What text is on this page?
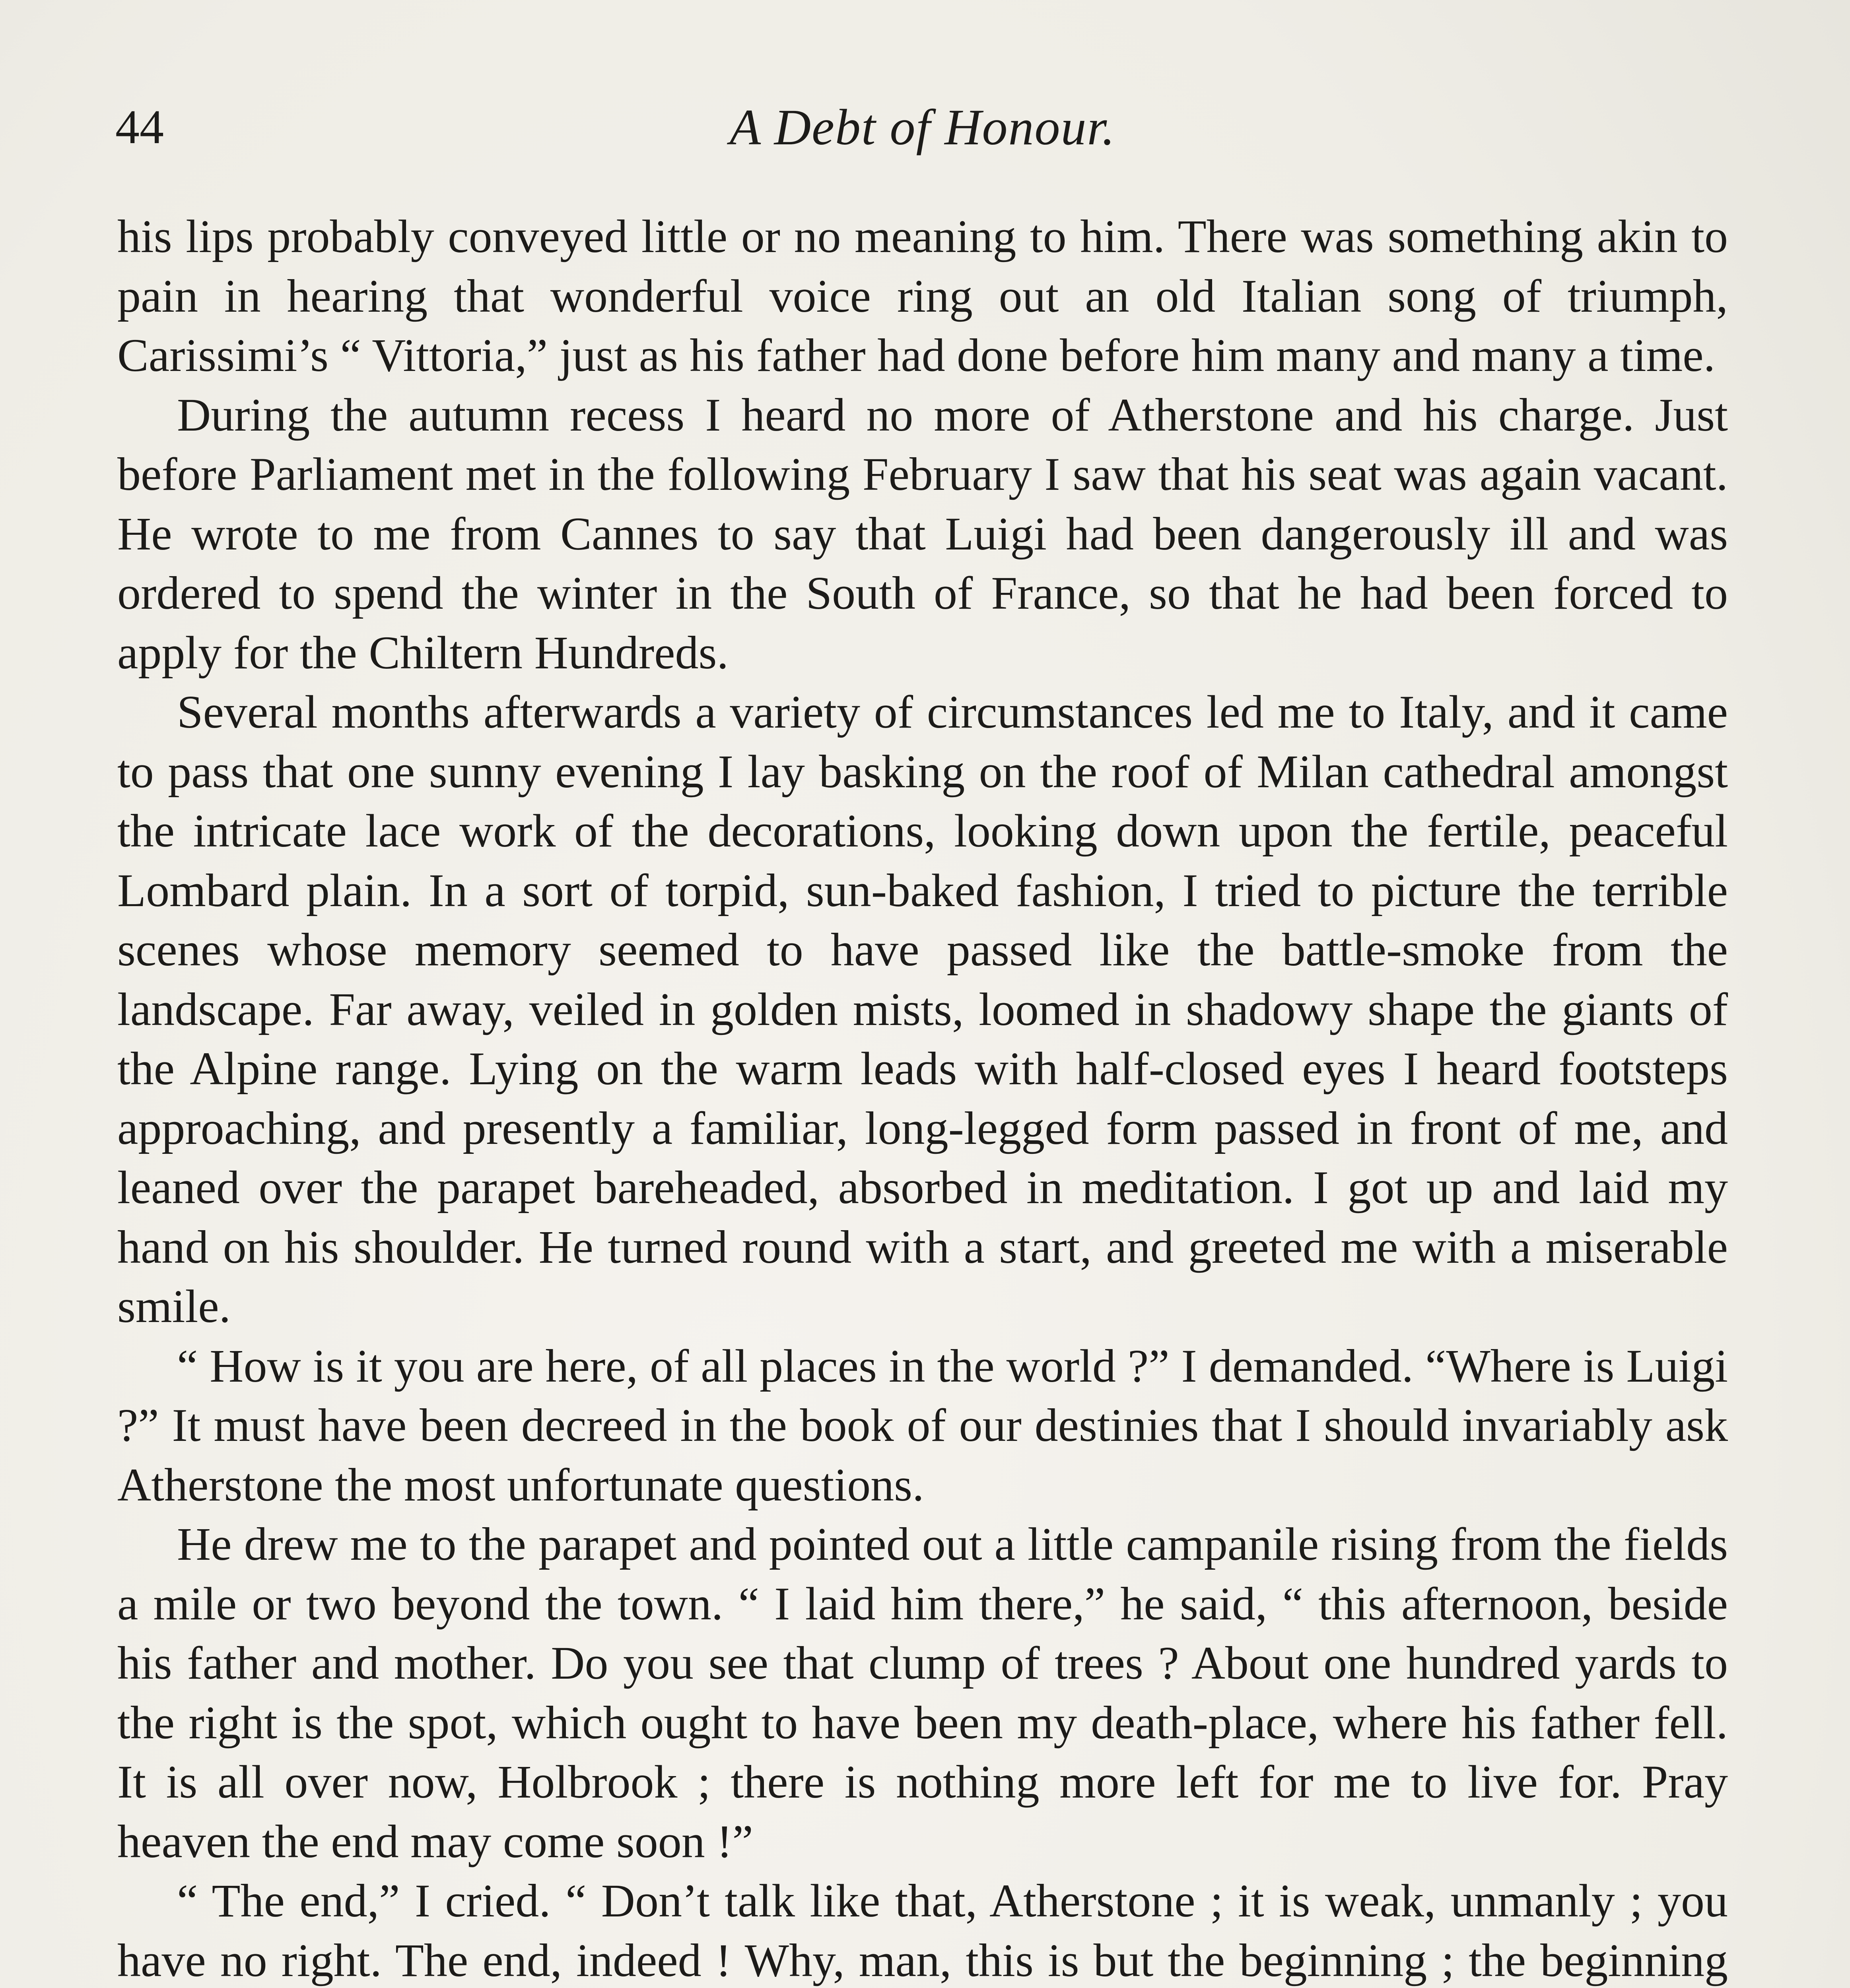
44	A Debt of Honour.

his lips probably conveyed little or no meaning to him. There was something akin to pain in hearing that wonderful voice ring out an old Italian song of triumph, Carissimi’s “ Vittoria,” just as his father had done before him many and many a time.

During the autumn recess I heard no more of Atherstone and his charge. Just before Parliament met in the following February I saw that his seat was again vacant. He wrote to me from Cannes to say that Luigi had been dangerously ill and was ordered to spend the winter in the South of France, so that he had been forced to apply for the Chiltern Hundreds.

Several months afterwards a variety of circumstances led me to Italy, and it came to pass that one sunny evening I lay basking on the roof of Milan cathedral amongst the intricate lace work of the decorations, looking down upon the fertile, peaceful Lombard plain. In a sort of torpid, sun-baked fashion, I tried to picture the terrible scenes whose memory seemed to have passed like the battle-smoke from the landscape. Far away, veiled in golden mists, loomed in shadowy shape the giants of the Alpine range. Lying on the warm leads with half-closed eyes I heard footsteps approaching, and presently a familiar, long-legged form passed in front of me, and leaned over the parapet bareheaded, absorbed in meditation. I got up and laid my hand on his shoulder. He turned round with a start, and greeted me with a miserable smile.

“ How is it you are here, of all places in the world ?” I demanded. “Where is Luigi ?” It must have been decreed in the book of our destinies that I should invariably ask Atherstone the most unfortunate questions.

He drew me to the parapet and pointed out a little campanile rising from the fields a mile or two beyond the town. “ I laid him there,” he said, “ this afternoon, beside his father and mother. Do you see that clump of trees ? About one hundred yards to the right is the spot, which ought to have been my death-place, where his father fell. It is all over now, Holbrook ; there is nothing more left for me to live for. Pray heaven the end may come soon !”

“ The end,” I cried. “ Don’t talk like that, Atherstone ; it is weak, unmanly ; you have no right. The end, indeed ! Why, man, this is but the beginning ; the beginning
